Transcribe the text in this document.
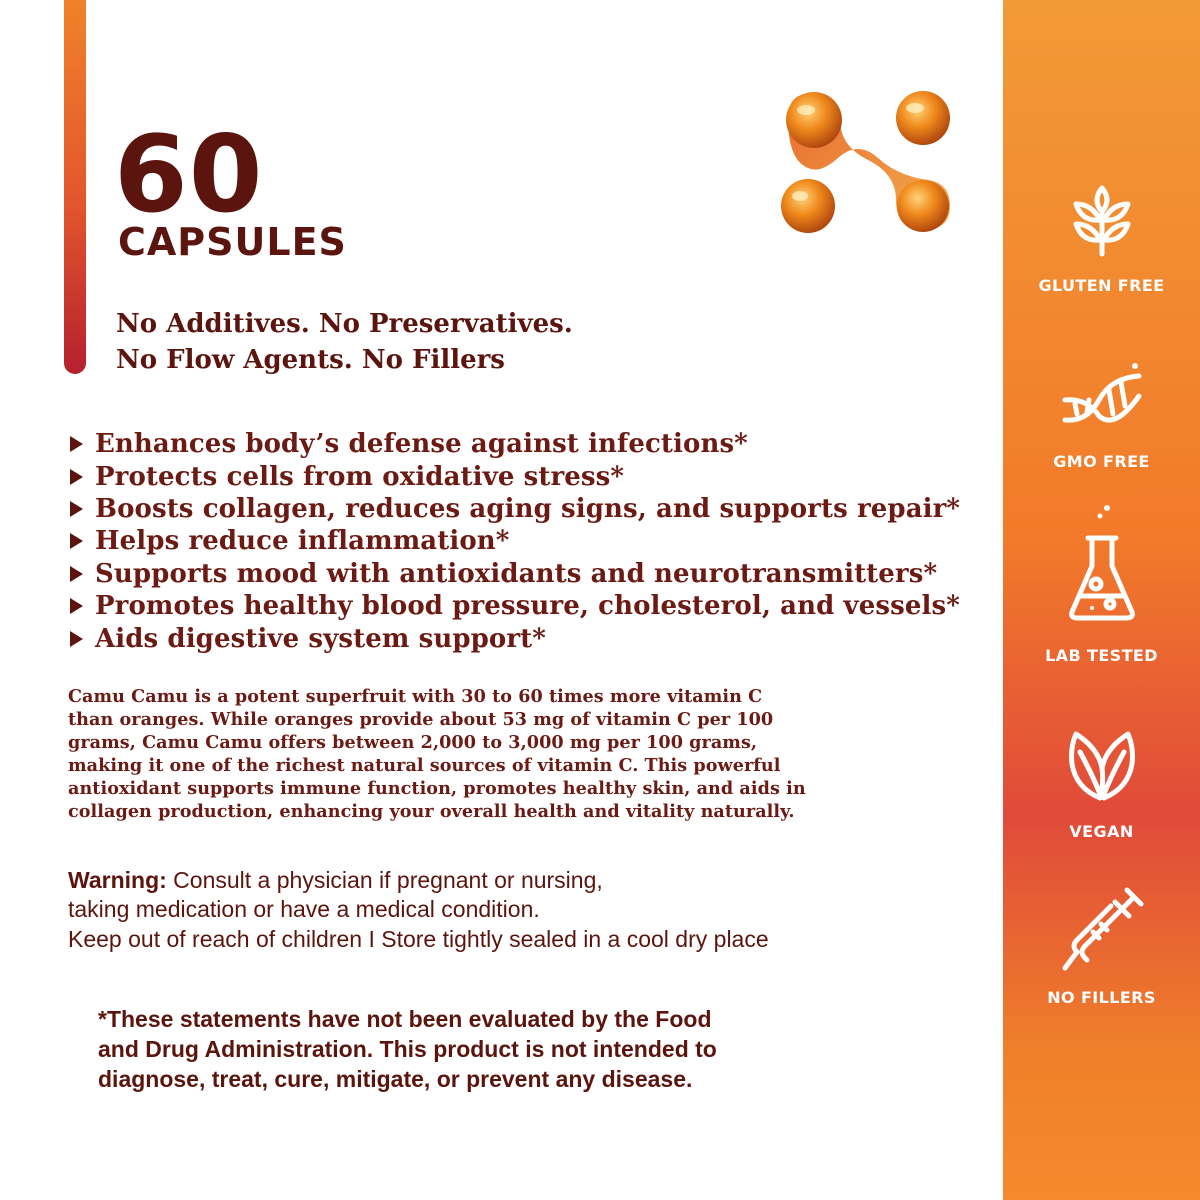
60
CAPSULES
No Additives. No Preservatives.
No Flow Agents. No Fillers
Enhances body’s defense against infections*
Protects cells from oxidative stress*
Boosts collagen, reduces aging signs, and supports repair*
Helps reduce inflammation*
Supports mood with antioxidants and neurotransmitters*
Promotes healthy blood pressure, cholesterol, and vessels*
Aids digestive system support*
Camu Camu is a potent superfruit with 30 to 60 times more vitamin C
than oranges. While oranges provide about 53 mg of vitamin C per 100
grams, Camu Camu offers between 2,000 to 3,000 mg per 100 grams,
making it one of the richest natural sources of vitamin C. This powerful
antioxidant supports immune function, promotes healthy skin, and aids in
collagen production, enhancing your overall health and vitality naturally.
Warning: Consult a physician if pregnant or nursing,
taking medication or have a medical condition.
Keep out of reach of children I Store tightly sealed in a cool dry place
*These statements have not been evaluated by the Food
and Drug Administration. This product is not intended to
diagnose, treat, cure, mitigate, or prevent any disease.
GLUTEN FREE
GMO FREE
LAB TESTED
VEGAN
NO FILLERS
